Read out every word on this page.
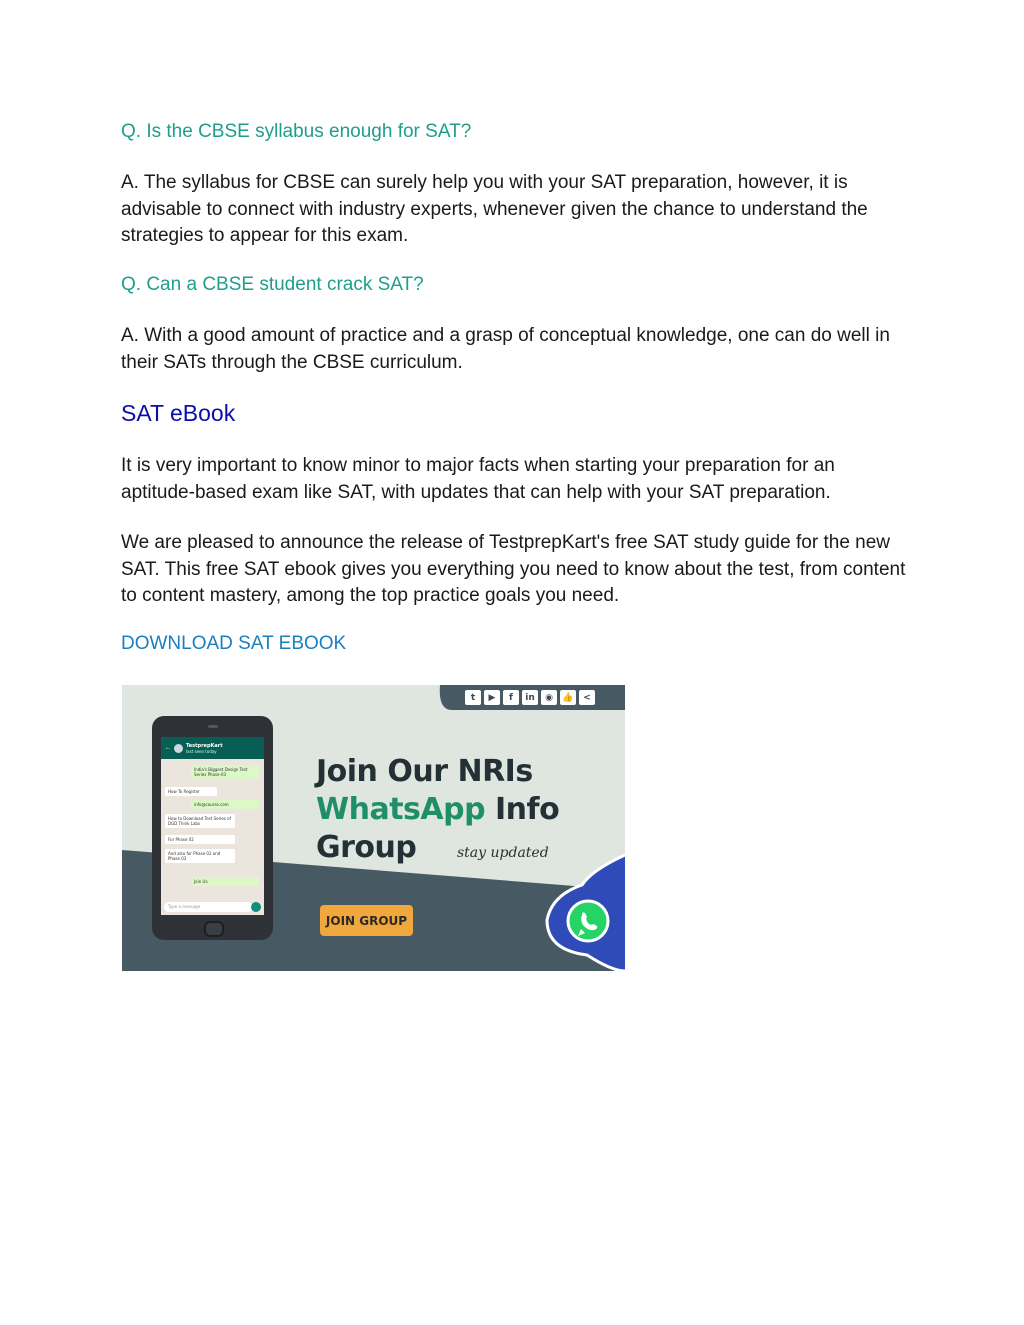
Q. Is the CBSE syllabus enough for SAT?
A. The syllabus for CBSE can surely help you with your SAT preparation, however, it is advisable to connect with industry experts, whenever given the chance to understand the strategies to appear for this exam.
Q. Can a CBSE student crack SAT?
A. With a good amount of practice and a grasp of conceptual knowledge, one can do well in their SATs through the CBSE curriculum.
SAT eBook
It is very important to know minor to major facts when starting your preparation for an aptitude-based exam like SAT, with updates that can help with your SAT preparation.
We are pleased to announce the release of TestprepKart's free SAT study guide for the new SAT. This free SAT ebook gives you everything you need to know about the test, from content to content mastery, among the top practice goals you need.
DOWNLOAD SAT EBOOK
t	▶	f	in	◉	👍	<
←	TestprepKart
last seen today
India's Biggest Design Test Series Phase-03
How To Register
info@course.com
How to Download Test Series of DGD Think Labs
For Phase 02
And also for Phase 02 and Phase 03
Join Us
Type a message
Join Our NRIs
WhatsApp Info
Group	stay updated
JOIN GROUP
